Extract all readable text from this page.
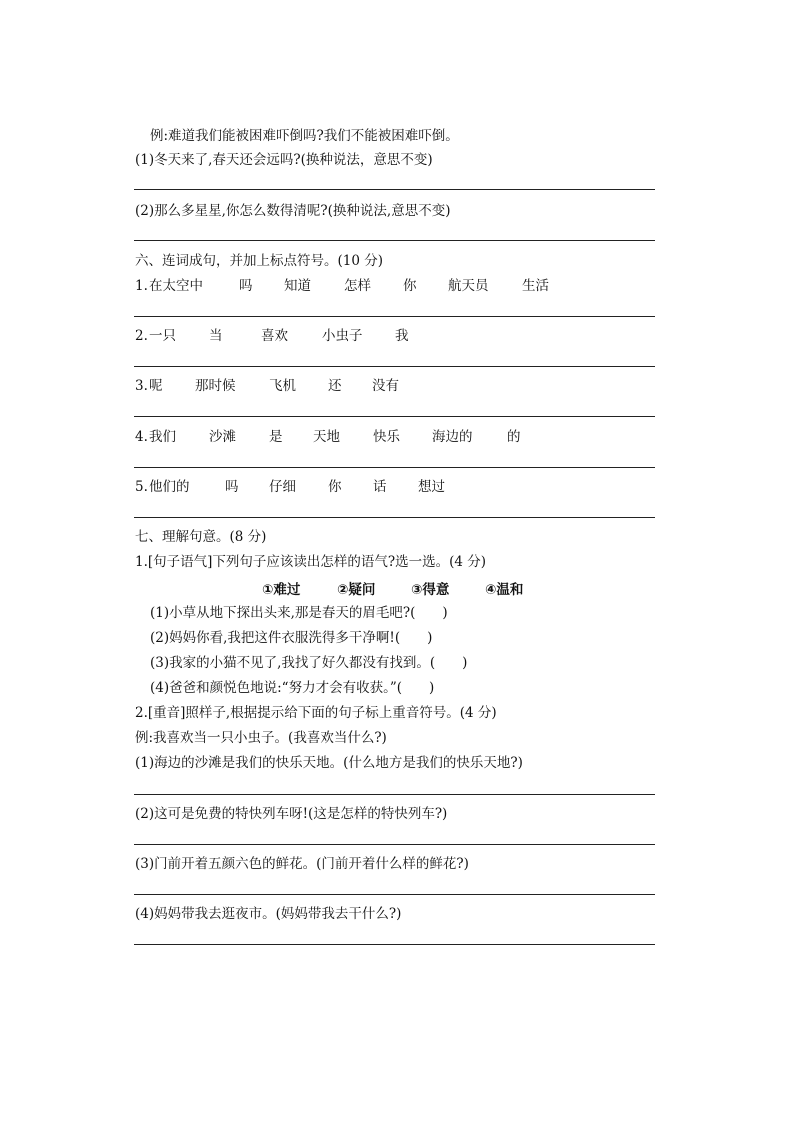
例:难道我们能被困难吓倒吗?我们不能被困难吓倒。
(1)冬天来了,春天还会远吗?(换种说法，意思不变)
(2)那么多星星,你怎么数得清呢?(换种说法,意思不变)
六、连词成句，并加上标点符号。(10 分)
1. 在太空中	吗 知道 怎样 你 航天员 生活
2. 一只 当	喜欢	小虫子 我
3. 呢 那时候 飞机 还 没有
4. 我们 沙滩 是 天地 快乐 海边的	的
5. 他们的	吗 仔细 你 话 想过
七、理解句意。(8 分)
1.[句子语气]下列句子应该读出怎样的语气?选一选。(4 分)
①难过	②疑问	③得意	④温和
(1)小草从地下探出头来,那是春天的眉毛吧?(　　)
(2)妈妈你看,我把这件衣服洗得多干净啊!(　　)
(3)我家的小猫不见了,我找了好久都没有找到。(　　)
(4)爸爸和颜悦色地说:“努力才会有收获。”(　　)
2.[重音]照样子,根据提示给下面的句子标上重音符号。(4 分)
例:我喜欢当一只小虫子。(我喜欢当什么?)
(1)海边的沙滩是我们的快乐天地。(什么地方是我们的快乐天地?)
(2)这可是免费的特快列车呀!(这是怎样的特快列车?)
(3)门前开着五颜六色的鲜花。(门前开着什么样的鲜花?)
(4)妈妈带我去逛夜市。(妈妈带我去干什么?)
